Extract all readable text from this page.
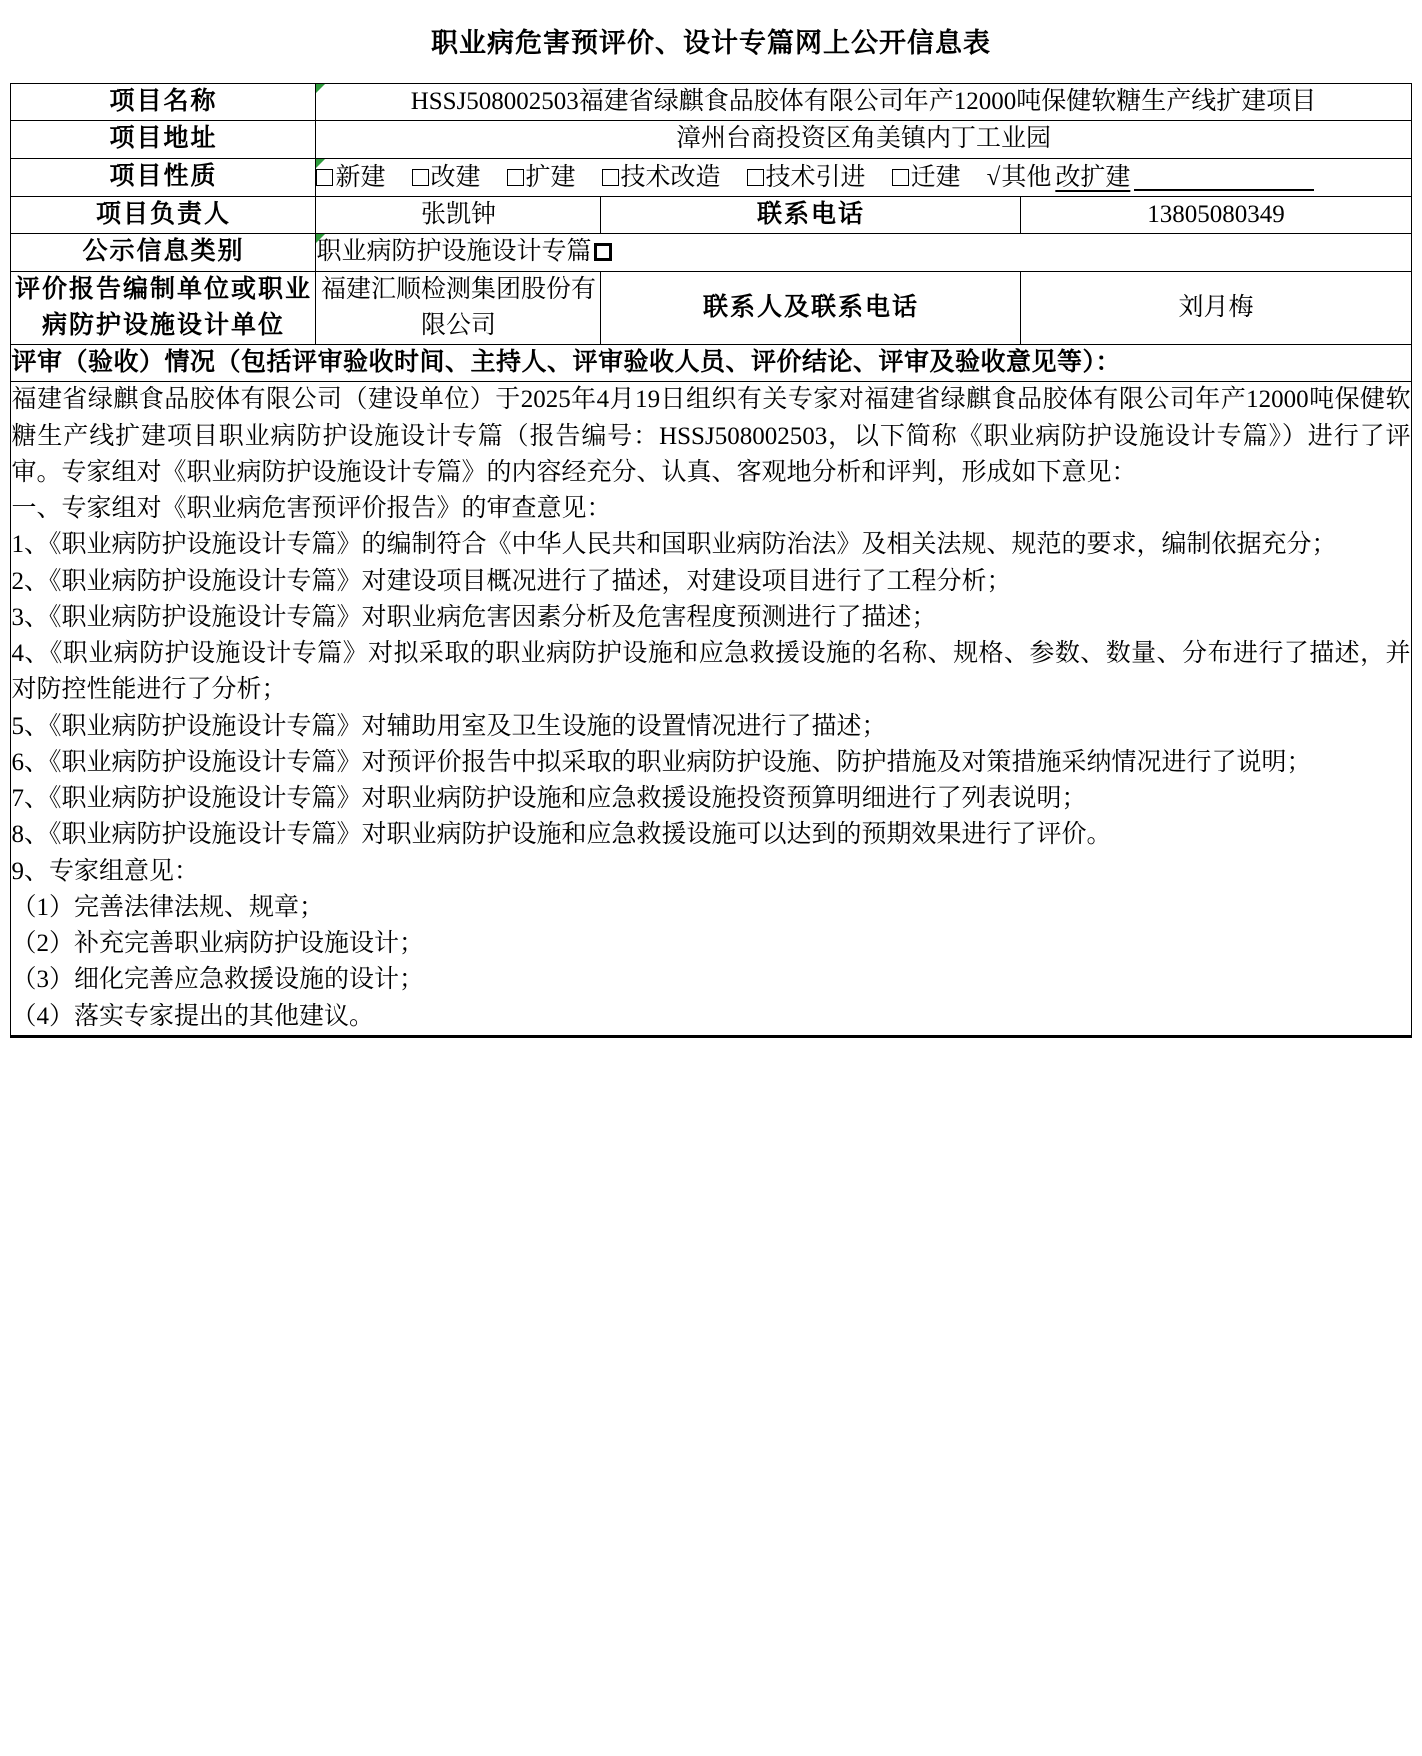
职业病危害预评价、设计专篇网上公开信息表
项目名称	HSSJ508002503福建省绿麒食品胶体有限公司年产12000吨保健软糖生产线扩建项目		
项目地址	漳州台商投资区角美镇内丁工业园		
项目性质	新建 改建 扩建 技术改造 技术引进 迁建 √其他 改扩建		

项目负责人	张凯钟	联系电话	13805080349
公示信息类别	职业病防护设施设计专篇		
评价报告编制单位或职业病防护设施设计单位	福建汇顺检测集团股份有限公司	联系人及联系电话	刘月梅
评审（验收）情况（包括评审验收时间、主持人、评审验收人员、评价结论、评审及验收意见等）：			

福建省绿麒食品胶体有限公司（建设单位）于2025年4月19日组织有关专家对福建省绿麒食品胶体有限公司年产12000吨保健软糖生产线扩建项目职业病防护设施设计专篇（报告编号：HSSJ508002503，以下简称《职业病防护设施设计专篇》）进行了评审。专家组对《职业病防护设施设计专篇》的内容经充分、认真、客观地分析和评判，形成如下意见：

一、专家组对《职业病危害预评价报告》的审查意见：

1、《职业病防护设施设计专篇》的编制符合《中华人民共和国职业病防治法》及相关法规、规范的要求，编制依据充分；

2、《职业病防护设施设计专篇》对建设项目概况进行了描述，对建设项目进行了工程分析；

3、《职业病防护设施设计专篇》对职业病危害因素分析及危害程度预测进行了描述；

4、《职业病防护设施设计专篇》对拟采取的职业病防护设施和应急救援设施的名称、规格、参数、数量、分布进行了描述，并对防控性能进行了分析；

5、《职业病防护设施设计专篇》对辅助用室及卫生设施的设置情况进行了描述；

6、《职业病防护设施设计专篇》对预评价报告中拟采取的职业病防护设施、防护措施及对策措施采纳情况进行了说明；

7、《职业病防护设施设计专篇》对职业病防护设施和应急救援设施投资预算明细进行了列表说明；

8、《职业病防护设施设计专篇》对职业病防护设施和应急救援设施可以达到的预期效果进行了评价。

9、专家组意见：

（1）完善法律法规、规章；

（2）补充完善职业病防护设施设计；

（3）细化完善应急救援设施的设计；

（4）落实专家提出的其他建议。
